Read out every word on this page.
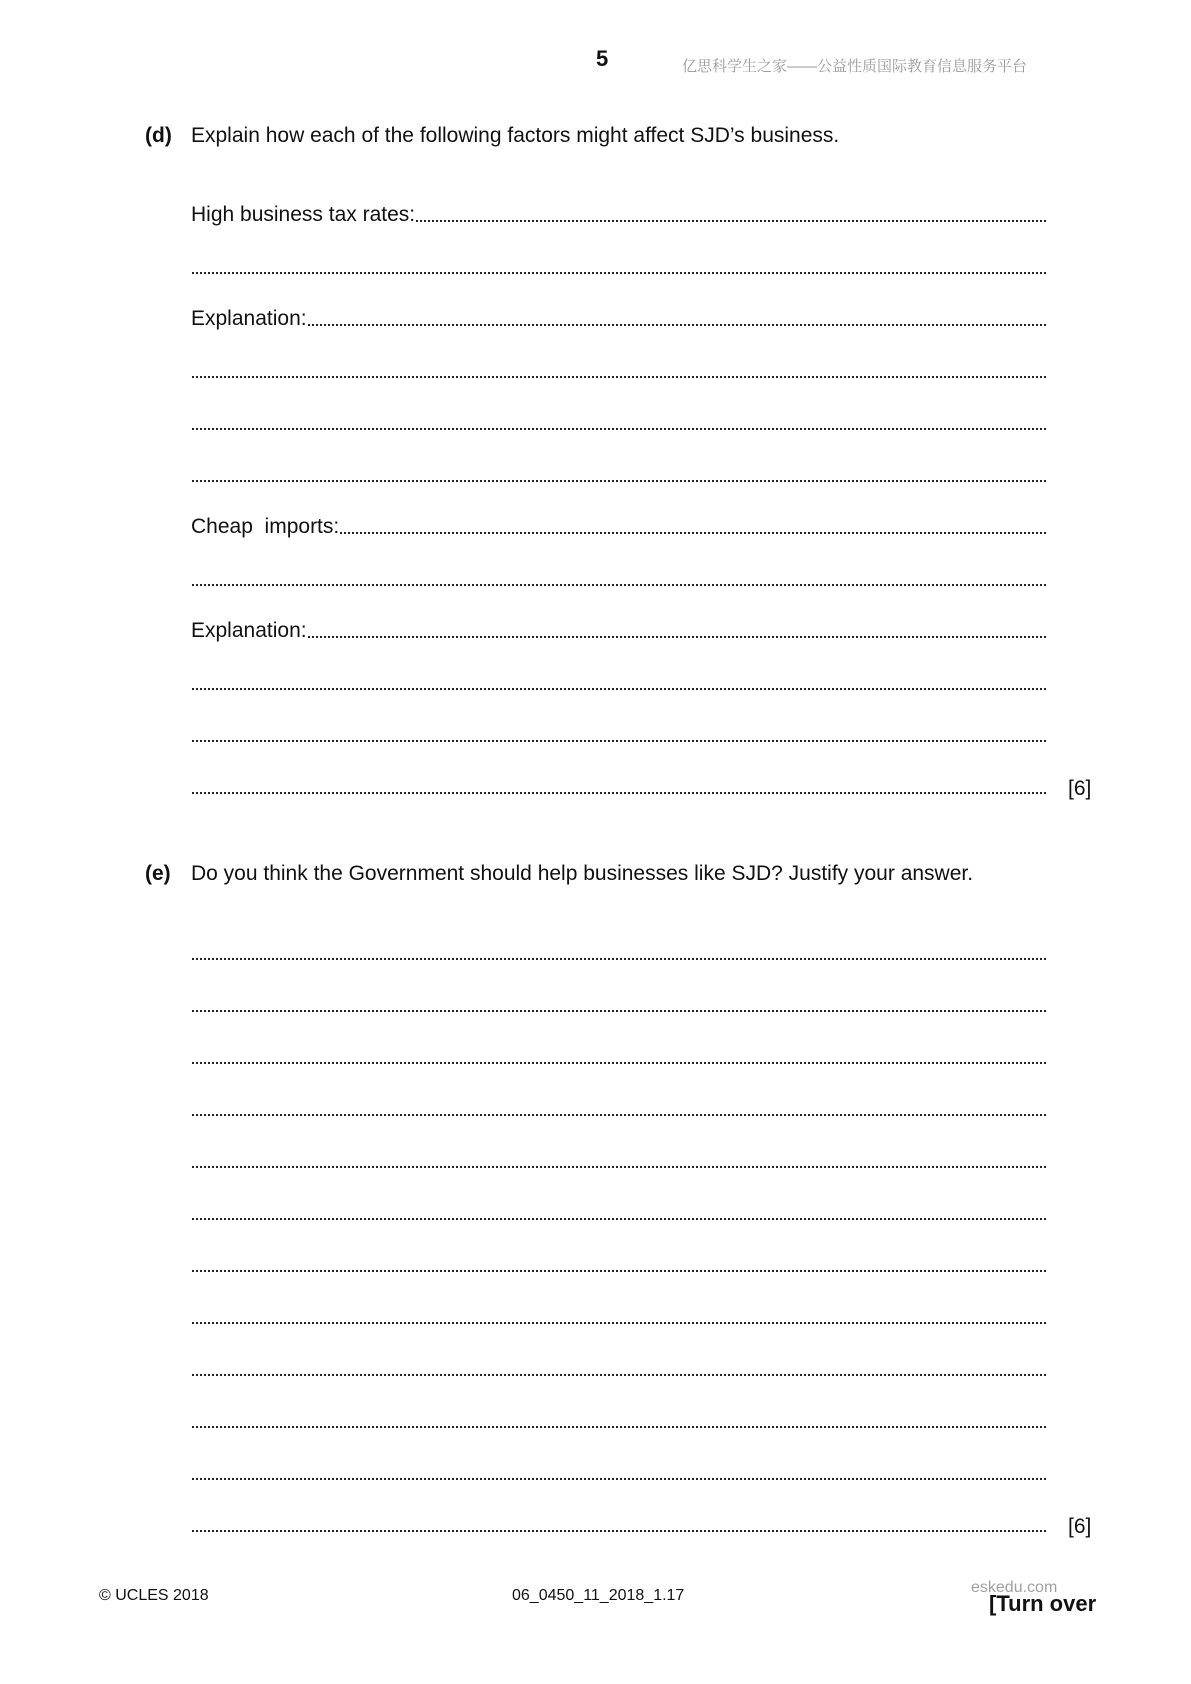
5	亿思科学生之家——公益性质国际教育信息服务平台
(d) Explain how each of the following factors might affect SJD’s business.
High business tax rates:
Explanation:
Cheap  imports:
Explanation:
[6]
(e) Do you think the Government should help businesses like SJD? Justify your answer.
[6]
© UCLES 2018	06_0450_11_2018_1.17	eskedu.com
[Turn over
